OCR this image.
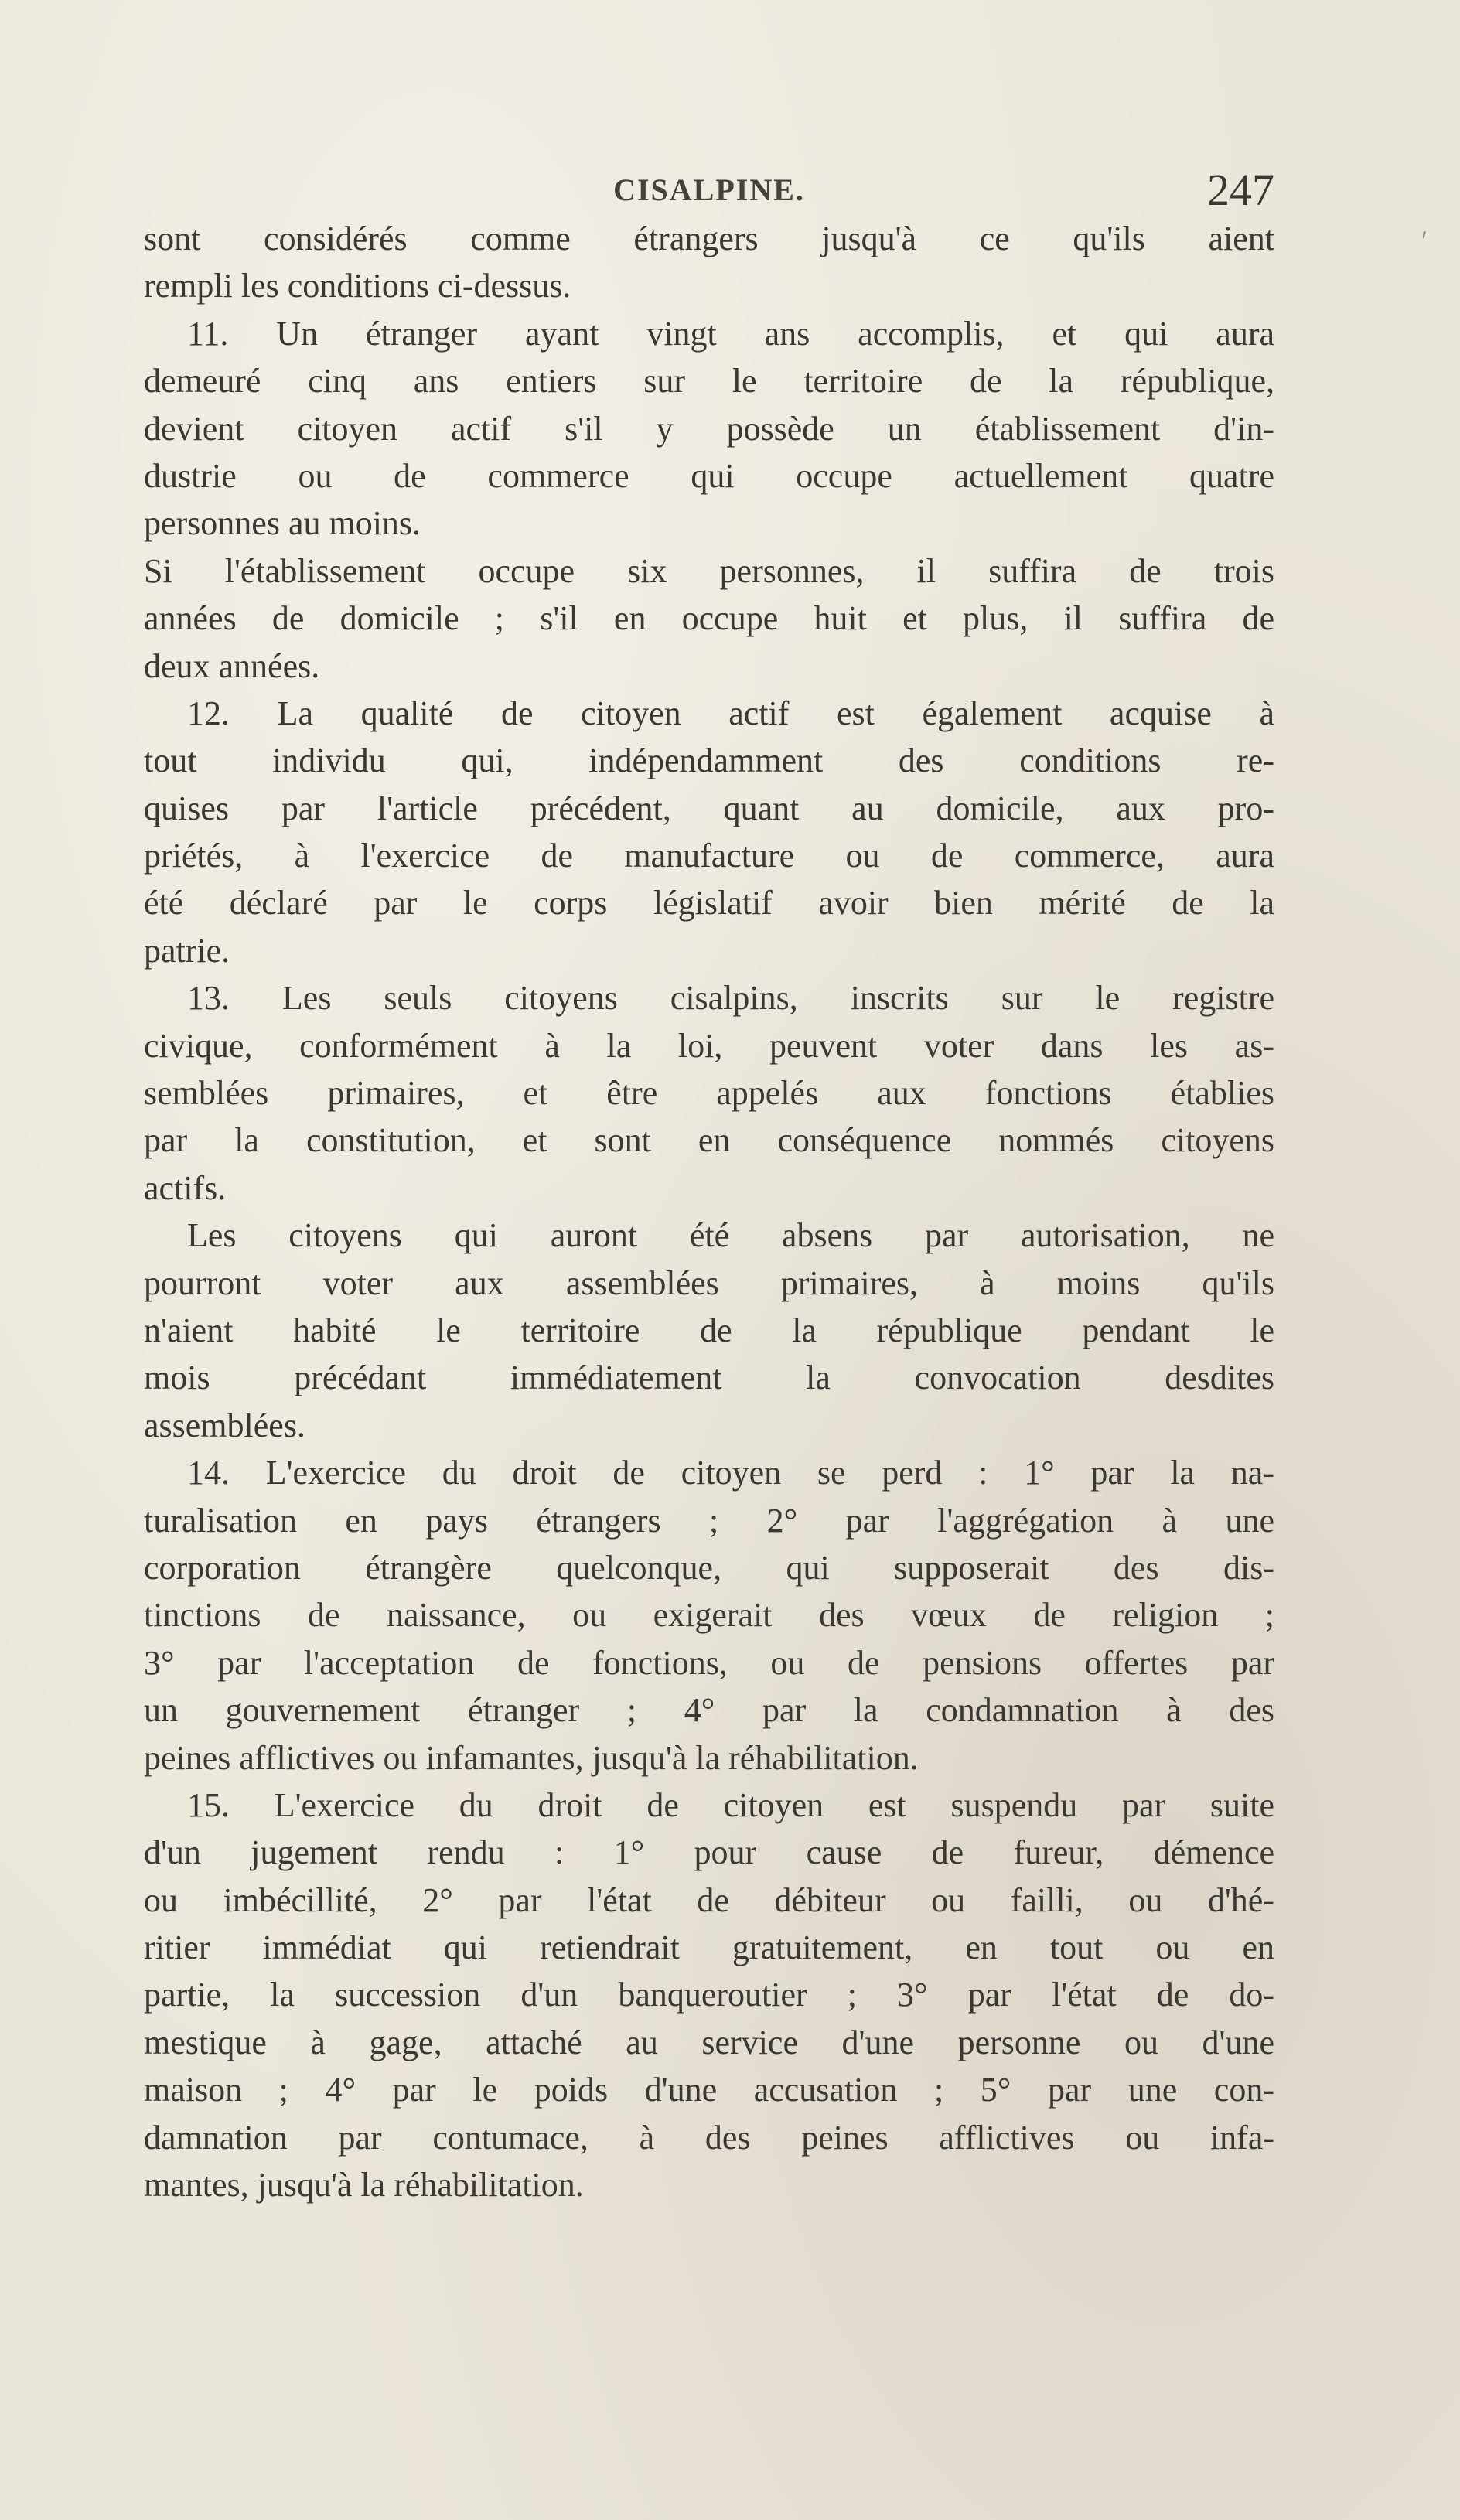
CISALPINE.	247
′
sont considérés comme étrangers jusqu'à ce qu'ils aient
rempli les conditions ci-dessus.
11. Un étranger ayant vingt ans accomplis, et qui aura
demeuré cinq ans entiers sur le territoire de la république,
devient citoyen actif s'il y possède un établissement d'in-
dustrie ou de commerce qui occupe actuellement quatre
personnes au moins.
Si l'établissement occupe six personnes, il suffira de trois
années de domicile ; s'il en occupe huit et plus, il suffira de
deux années.
12. La qualité de citoyen actif est également acquise à
tout individu qui, indépendamment des conditions re-
quises par l'article précédent, quant au domicile, aux pro-
priétés, à l'exercice de manufacture ou de commerce, aura
été déclaré par le corps législatif avoir bien mérité de la
patrie.
13. Les seuls citoyens cisalpins, inscrits sur le registre
civique, conformément à la loi, peuvent voter dans les as-
semblées primaires, et être appelés aux fonctions établies
par la constitution, et sont en conséquence nommés citoyens
actifs.
Les citoyens qui auront été absens par autorisation, ne
pourront voter aux assemblées primaires, à moins qu'ils
n'aient habité le territoire de la république pendant le
mois précédant immédiatement la convocation desdites
assemblées.
14. L'exercice du droit de citoyen se perd : 1° par la na-
turalisation en pays étrangers ; 2° par l'aggrégation à une
corporation étrangère quelconque, qui supposerait des dis-
tinctions de naissance, ou exigerait des vœux de religion ;
3° par l'acceptation de fonctions, ou de pensions offertes par
un gouvernement étranger ; 4° par la condamnation à des
peines afflictives ou infamantes, jusqu'à la réhabilitation.
15. L'exercice du droit de citoyen est suspendu par suite
d'un jugement rendu : 1° pour cause de fureur, démence
ou imbécillité, 2° par l'état de débiteur ou failli, ou d'hé-
ritier immédiat qui retiendrait gratuitement, en tout ou en
partie, la succession d'un banqueroutier ; 3° par l'état de do-
mestique à gage, attaché au service d'une personne ou d'une
maison ; 4° par le poids d'une accusation ; 5° par une con-
damnation par contumace, à des peines afflictives ou infa-
mantes, jusqu'à la réhabilitation.
